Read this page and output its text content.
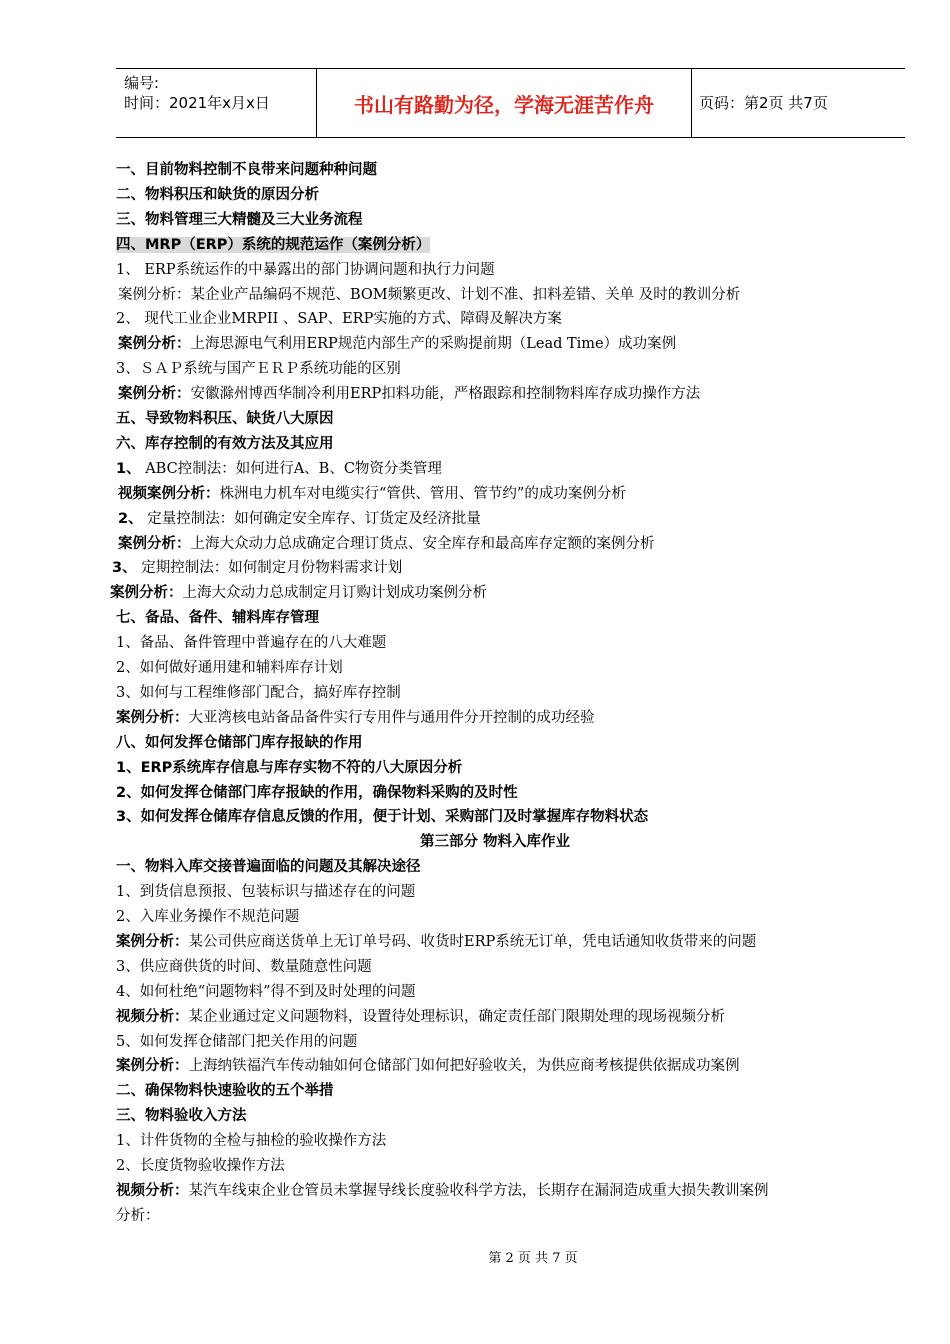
编号:
时间：2021年x月x日	书山有路勤为径，学海无涯苦作舟	页码：第2页 共7页
一、目前物料控制不良带来问题种种问题
二、物料积压和缺货的原因分析
三、物料管理三大精髓及三大业务流程
四、MRP（ERP）系统的规范运作（案例分析）
1、 ERP系统运作的中暴露出的部门协调问题和执行力问题
案例分析：某企业产品编码不规范、BOM频繁更改、计划不准、扣料差错、关单 及时的教训分析
2、 现代工业企业MRPII 、SAP、ERP实施的方式、障碍及解决方案
案例分析：上海思源电气利用ERP规范内部生产的采购提前期（Lead Time）成功案例
3、ＳＡＰ系统与国产ＥＲＰ系统功能的区别
案例分析：安徽滁州博西华制冷利用ERP扣料功能，严格跟踪和控制物料库存成功操作方法
五、导致物料积压、缺货八大原因
六、库存控制的有效方法及其应用
1、 ABC控制法：如何进行A、B、C物资分类管理
视频案例分析：株洲电力机车对电缆实行“管供、管用、管节约”的成功案例分析
2、 定量控制法：如何确定安全库存、订货定及经济批量
案例分析：上海大众动力总成确定合理订货点、安全库存和最高库存定额的案例分析
3、 定期控制法：如何制定月份物料需求计划
案例分析：上海大众动力总成制定月订购计划成功案例分析
七、备品、备件、辅料库存管理
1、备品、备件管理中普遍存在的八大难题
2、如何做好通用建和辅料库存计划
3、如何与工程维修部门配合，搞好库存控制
案例分析：大亚湾核电站备品备件实行专用件与通用件分开控制的成功经验
八、如何发挥仓储部门库存报缺的作用
1、ERP系统库存信息与库存实物不符的八大原因分析
2、如何发挥仓储部门库存报缺的作用，确保物料采购的及时性
3、如何发挥仓储库存信息反馈的作用，便于计划、采购部门及时掌握库存物料状态
第三部分 物料入库作业
一、物料入库交接普遍面临的问题及其解决途径
1、到货信息预报、包装标识与描述存在的问题
2、入库业务操作不规范问题
案例分析：某公司供应商送货单上无订单号码、收货时ERP系统无订单，凭电话通知收货带来的问题
3、供应商供货的时间、数量随意性问题
4、如何杜绝“问题物料”得不到及时处理的问题
视频分析：某企业通过定义问题物料，设置待处理标识，确定责任部门限期处理的现场视频分析
5、如何发挥仓储部门把关作用的问题
案例分析：上海纳铁福汽车传动轴如何仓储部门如何把好验收关，为供应商考核提供依据成功案例
二、确保物料快速验收的五个举措
三、物料验收入方法
1、计件货物的全检与抽检的验收操作方法
2、长度货物验收操作方法
视频分析：某汽车线束企业仓管员未掌握导线长度验收科学方法，长期存在漏洞造成重大损失教训案例
分析：
第 2 页 共 7 页
